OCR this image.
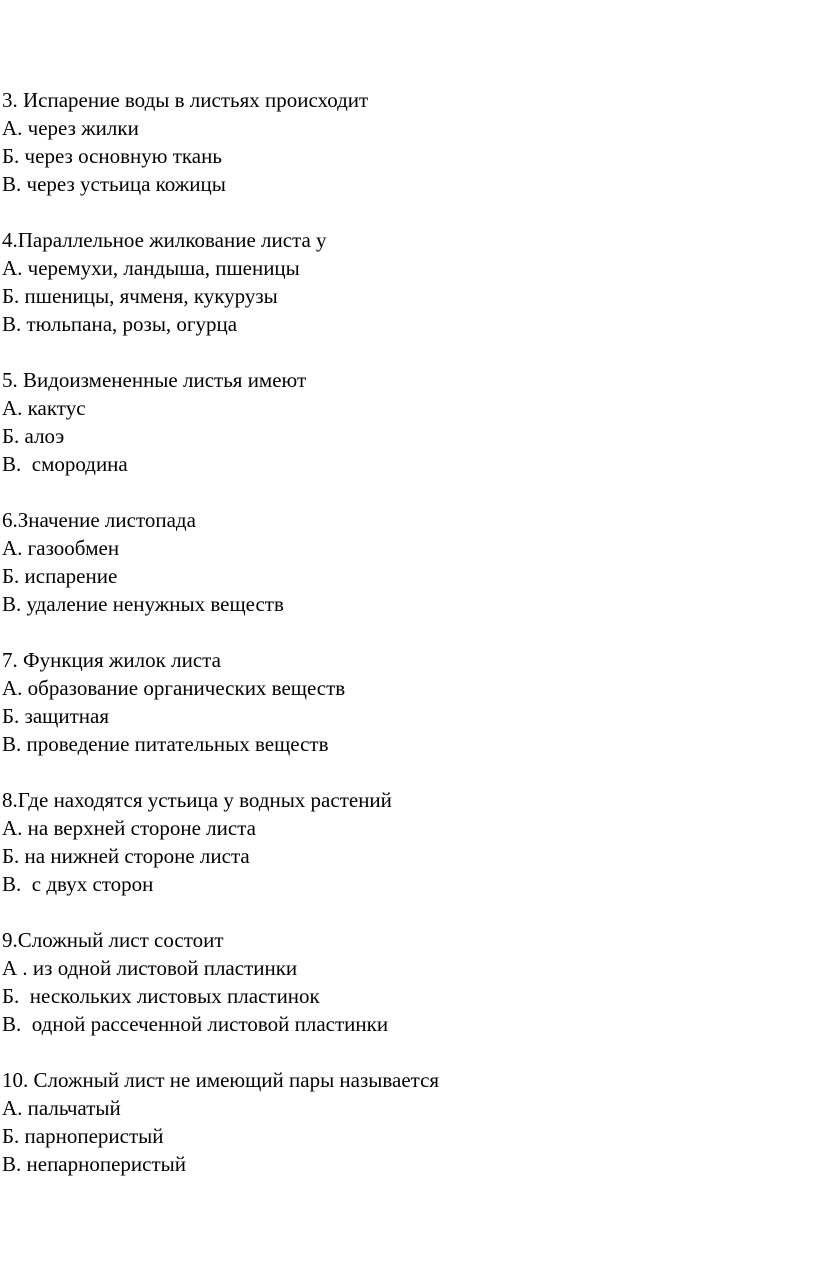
3. Испарение воды в листьях происходит
А. через жилки
Б. через основную ткань
В. через устьица кожицы
4.Параллельное жилкование листа у
А. черемухи, ландыша, пшеницы
Б. пшеницы, ячменя, кукурузы
В. тюльпана, розы, огурца
5. Видоизмененные листья имеют
А. кактус
Б. алоэ
В.  смородина
6.Значение листопада
А. газообмен
Б. испарение
В. удаление ненужных веществ
7. Функция жилок листа
А. образование органических веществ
Б. защитная
В. проведение питательных веществ
8.Где находятся устьица у водных растений
А. на верхней стороне листа
Б. на нижней стороне листа
В.  с двух сторон
9.Сложный лист состоит
А . из одной листовой пластинки
Б.  нескольких листовых пластинок
В.  одной рассеченной листовой пластинки
10. Сложный лист не имеющий пары называется
А. пальчатый
Б. парноперистый
В. непарноперистый
